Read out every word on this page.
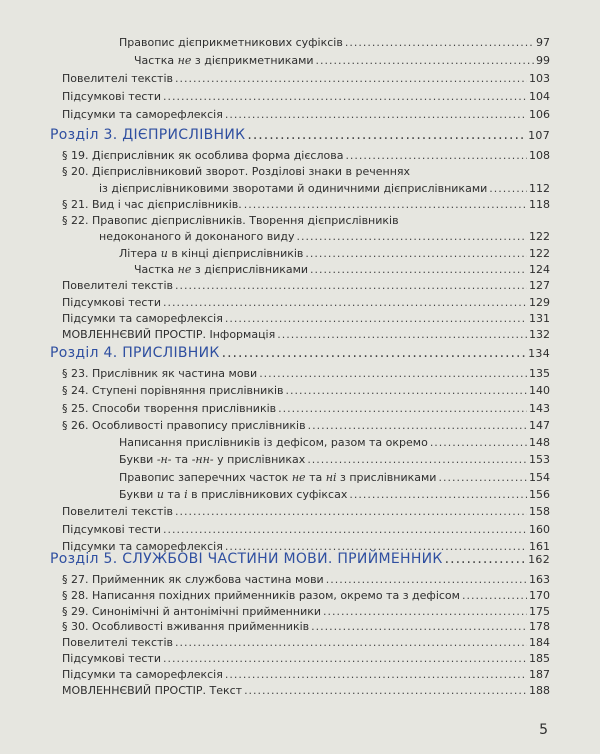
Правопис дієприкметникових суфіксів .....	97
Частка не з дієприкметниками .....	99
Повелителі текстів .....	103
Підсумкові тести .....	104
Підсумки та саморефлексія .....	106
Розділ 3. ДІЄПРИСЛІВНИК .....	107
§ 19. Дієприслівник як особлива форма дієслова .....	108
§ 20. Дієприслівниковий зворот. Розділові знаки в реченнях
із дієприслівниковими зворотами й одиничними дієприслівниками .....	112
§ 21. Вид і час дієприслівників. .....	118
§ 22. Правопис дієприслівників. Творення дієприслівників
недоконаного й доконаного виду .....	122
Літера и в кінці дієприслівників .....	122
Частка не з дієприслівниками .....	124
Повелителі текстів .....	127
Підсумкові тести .....	129
Підсумки та саморефлексія .....	131
МОВЛЕННЄВИЙ ПРОСТІР. Інформація .....	132
Розділ 4. ПРИСЛІВНИК .....	134
§ 23. Прислівник як частина мови .....	135
§ 24. Ступені порівняння прислівників .....	140
§ 25. Способи творення прислівників .....	143
§ 26. Особливості правопису прислівників .....	147
Написання прислівників із дефісом, разом та окремо .....	148
Букви -н- та -нн- у прислівниках .....	153
Правопис заперечних часток не та ні з прислівниками .....	154
Букви и та і в прислівникових суфіксах .....	156
Повелителі текстів .....	158
Підсумкові тести .....	160
Підсумки та саморефлексія .....	161
Розділ 5. СЛУЖБОВІ ЧАСТИНИ МОВИ. ПРИЙМЕННИК .....	162
§ 27. Прийменник як службова частина мови .....	163
§ 28. Написання похідних прийменників разом, окремо та з дефісом .....	170
§ 29. Синонімічні й антонімічні прийменники .....	175
§ 30. Особливості вживання прийменників .....	178
Повелителі текстів .....	184
Підсумкові тести .....	185
Підсумки та саморефлексія .....	187
МОВЛЕННЄВИЙ ПРОСТІР. Текст .....	188
5
